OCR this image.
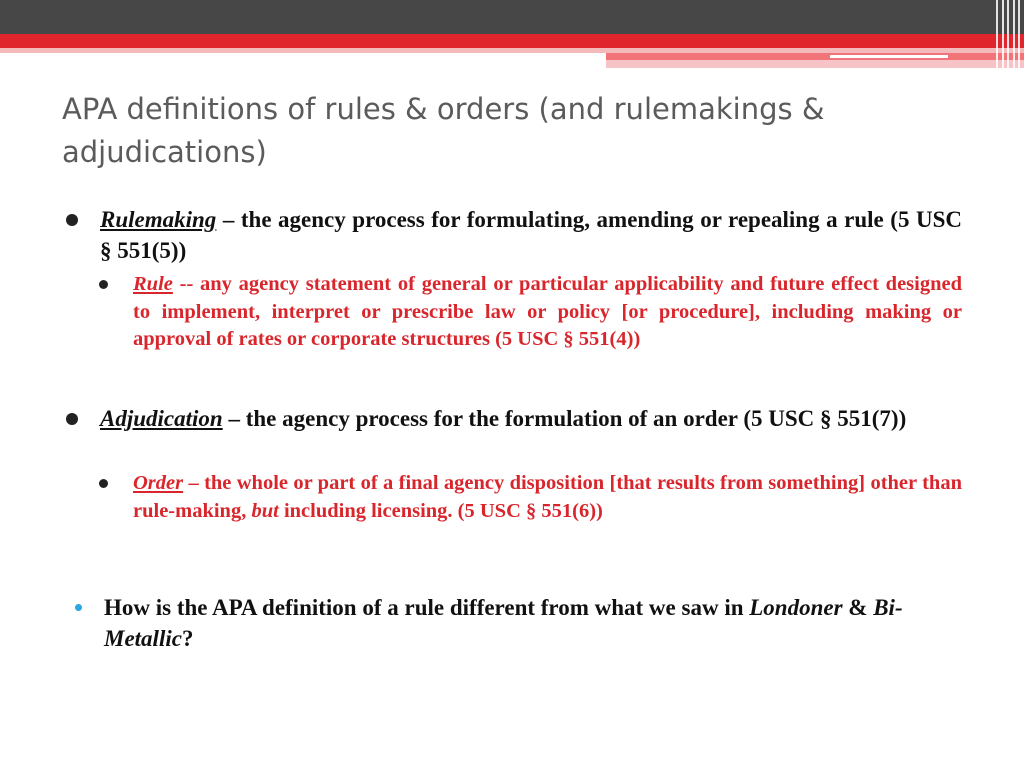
APA definitions of rules & orders (and rulemakings & adjudications)
Rulemaking – the agency process for formulating, amending or repealing a rule (5 USC § 551(5))
Rule -- any agency statement of general or particular applicability and future effect designed to implement, interpret or prescribe law or policy [or procedure], including making or approval of rates or corporate structures (5 USC § 551(4))
Adjudication – the agency process for the formulation of an order (5 USC § 551(7))
Order – the whole or part of a final agency disposition [that results from something] other than rule-making, but including licensing. (5 USC § 551(6))
How is the APA definition of a rule different from what we saw in Londoner & Bi-Metallic?
